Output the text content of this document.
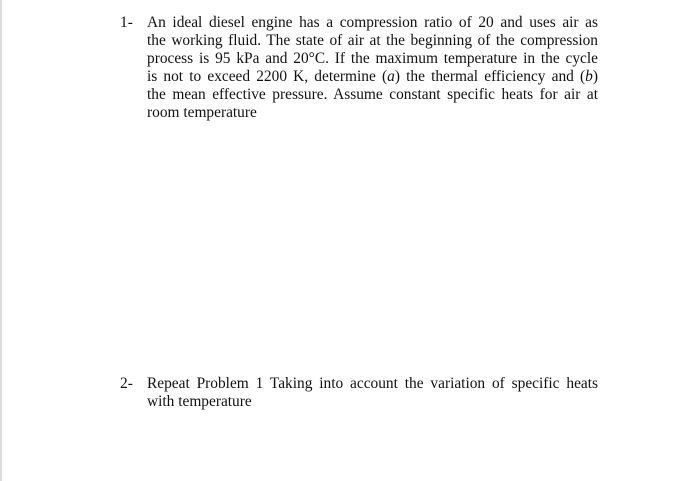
1- An ideal diesel engine has a compression ratio of 20 and uses air as
the working fluid. The state of air at the beginning of the compression
process is 95 kPa and 20°C. If the maximum temperature in the cycle
is not to exceed 2200 K, determine (a) the thermal efficiency and (b)
the mean effective pressure. Assume constant specific heats for air at
room temperature
2- Repeat Problem 1 Taking into account the variation of specific heats
with temperature
